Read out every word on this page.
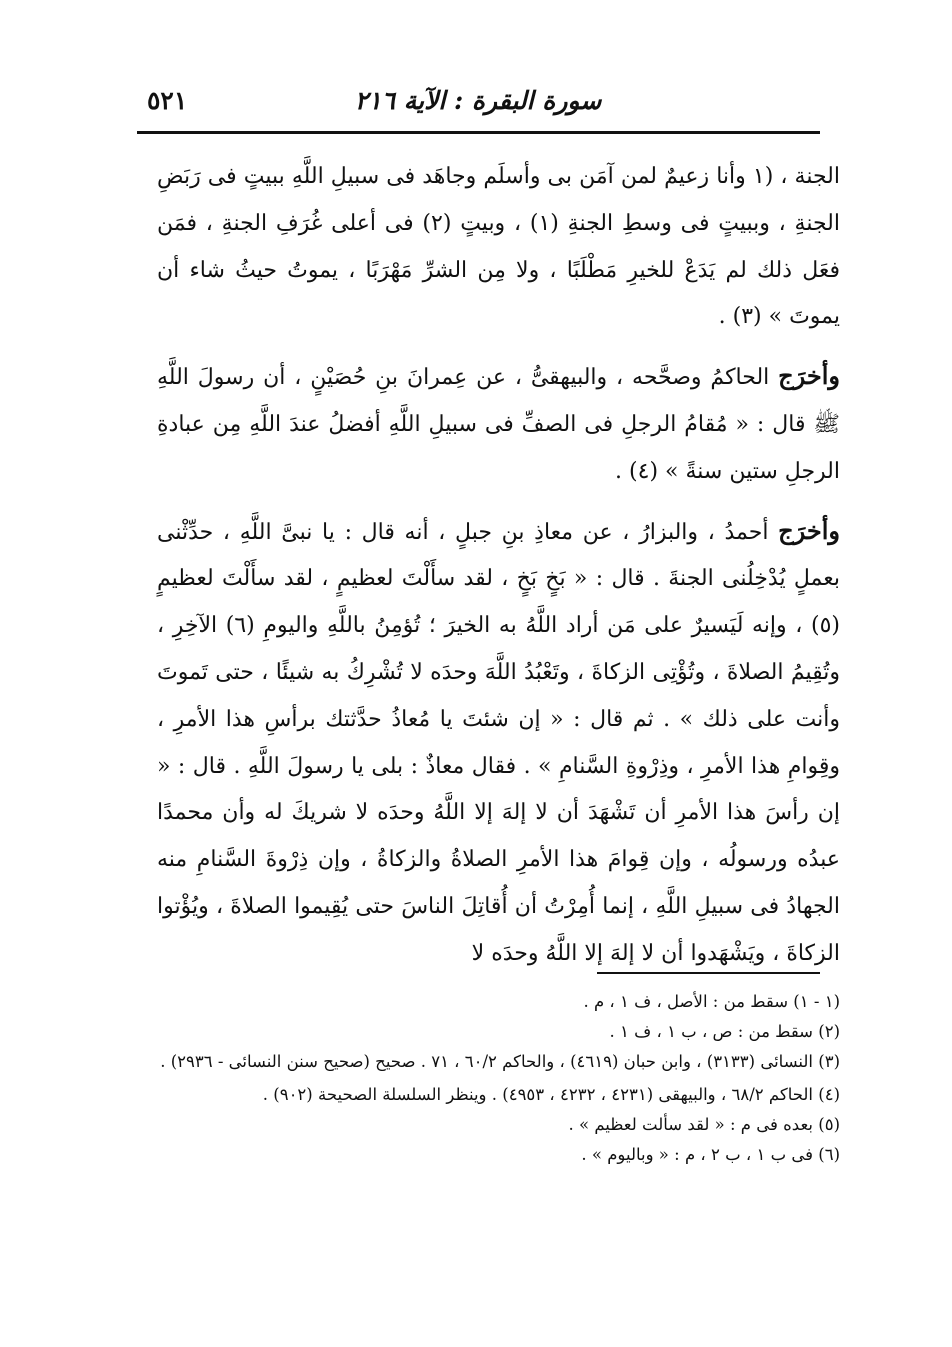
سورة البقرة : الآية ٢١٦
٥٢١

الجنة ، (١ وأنا زعيمٌ لمن آمَن بى وأسلَم وجاهَد فى سبيلِ اللَّهِ ببيتٍ فى رَبَضِ الجنةِ ، وببيتٍ فى وسطِ الجنةِ (١) ، وبيتٍ (٢) فى أعلى غُرَفِ الجنةِ ، فمَن فعَل ذلك لم يَدَعْ للخيرِ مَطْلَبًا ، ولا مِن الشرِّ مَهْرَبًا ، يموتُ حيثُ شاء أن يموتَ » (٣) .

وأخرَج الحاكمُ وصحَّحه ، والبيهقىُّ ، عن عِمرانَ بنِ حُصَيْنٍ ، أن رسولَ اللَّهِ ﷺ قال : « مُقامُ الرجلِ فى الصفِّ فى سبيلِ اللَّهِ أفضلُ عندَ اللَّهِ مِن عبادةِ الرجلِ ستين سنةً » (٤) .

وأخرَج أحمدُ ، والبزارُ ، عن معاذِ بنِ جبلٍ ، أنه قال : يا نبىَّ اللَّهِ ، حدِّثْنى بعملٍ يُدْخِلُنى الجنةَ . قال : « بَخٍ بَخٍ ، لقد سأَلْتَ لعظيمٍ ، لقد سأَلْتَ لعظيمٍ (٥) ، وإنه لَيَسيرٌ على مَن أراد اللَّهُ به الخيرَ ؛ تُؤمِنُ باللَّهِ واليومِ (٦) الآخِرِ ، وتُقِيمُ الصلاةَ ، وتُؤْتِى الزكاةَ ، وتَعْبُدُ اللَّهَ وحدَه لا تُشْرِكُ به شيئًا ، حتى تَموتَ وأنت على ذلك » . ثم قال : « إن شئتَ يا مُعاذُ حدَّثتك برأسِ هذا الأمرِ ، وقِوامِ هذا الأمرِ ، وذِرْوةِ السَّنامِ » . فقال معاذٌ : بلى يا رسولَ اللَّهِ . قال : « إن رأسَ هذا الأمرِ أن تَشْهَدَ أن لا إلهَ إلا اللَّهُ وحدَه لا شريكَ له وأن محمدًا عبدُه ورسولُه ، وإن قِوامَ هذا الأمرِ الصلاةُ والزكاةُ ، وإن ذِرْوةَ السَّنامِ منه الجهادُ فى سبيلِ اللَّهِ ، إنما أُمِرْتُ أن أُقاتِلَ الناسَ حتى يُقِيموا الصلاةَ ، ويُؤْتوا الزكاةَ ، ويَشْهَدوا أن لا إلهَ إلا اللَّهُ وحدَه لا

(١ - ١) سقط من : الأصل ، ف ١ ، م .

(٢) سقط من : ص ، ب ١ ، ف ١ .

(٣) النسائى (٣١٣٣) ، وابن حبان (٤٦١٩) ، والحاكم ٦٠/٢ ، ٧١ . صحيح (صحيح سنن النسائى - ٢٩٣٦) .

(٤) الحاكم ٦٨/٢ ، والبيهقى (٤٢٣١ ، ٤٢٣٢ ، ٤٩٥٣) . وينظر السلسلة الصحيحة (٩٠٢) .

(٥) بعده فى م : « لقد سألت لعظيم » .

(٦) فى ب ١ ، ب ٢ ، م : « وباليوم » .
